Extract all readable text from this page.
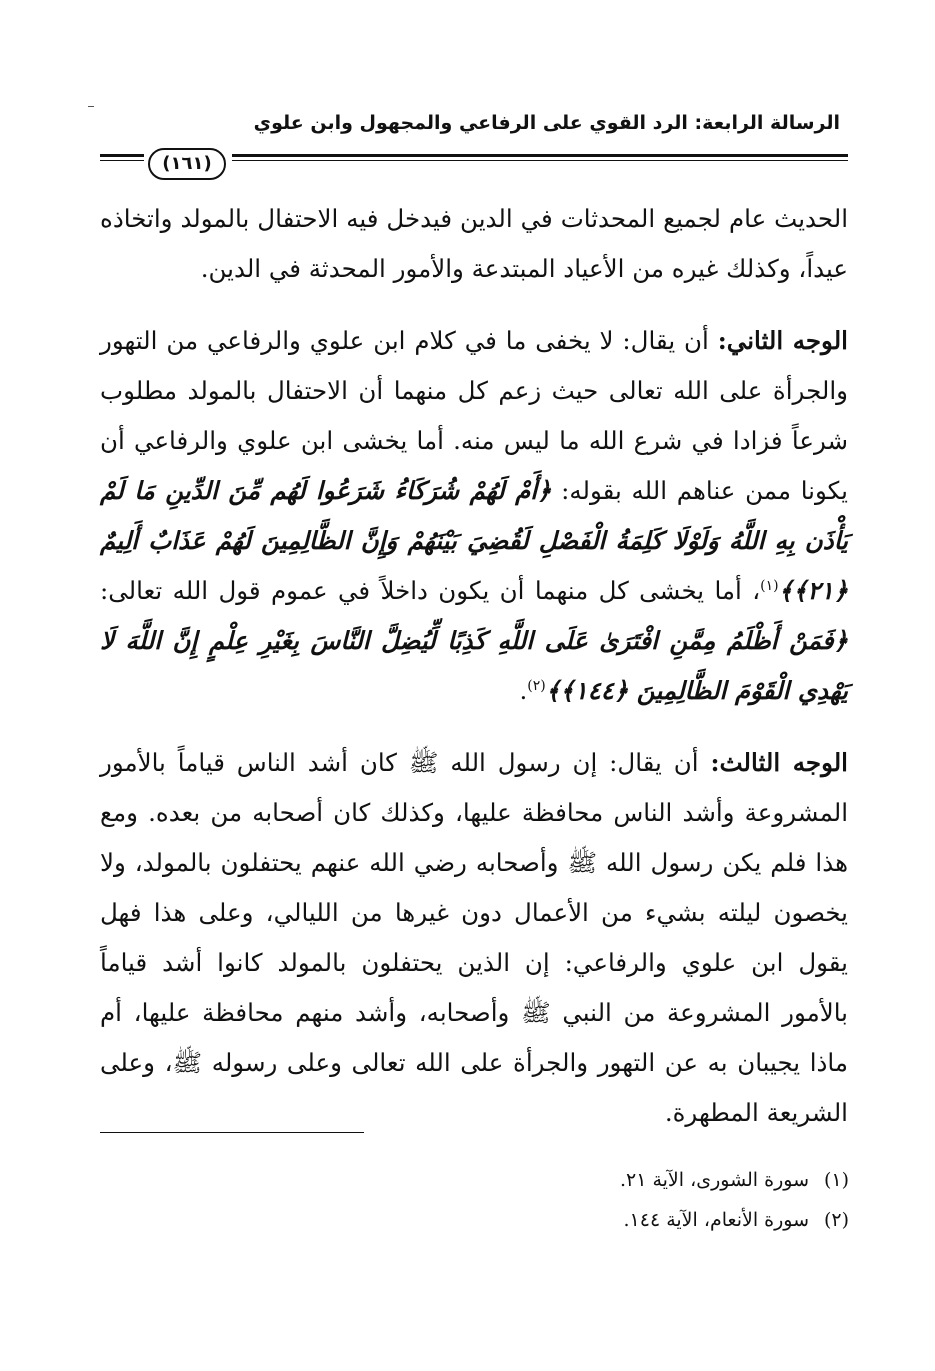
الرسالة الرابعة: الرد القوي على الرفاعي والمجهول وابن علوي
(١٦١)

الحديث عام لجميع المحدثات في الدين فيدخل فيه الاحتفال بالمولد واتخاذه عيداً، وكذلك غيره من الأعياد المبتدعة والأمور المحدثة في الدين.

الوجه الثاني: أن يقال: لا يخفى ما في كلام ابن علوي والرفاعي من التهور والجرأة على الله تعالى حيث زعم كل منهما أن الاحتفال بالمولد مطلوب شرعاً فزادا في شرع الله ما ليس منه. أما يخشى ابن علوي والرفاعي أن يكونا ممن عناهم الله بقوله: ﴿أَمْ لَهُمْ شُرَكَاءُ شَرَعُوا لَهُم مِّنَ الدِّينِ مَا لَمْ يَأْذَن بِهِ اللَّهُ وَلَوْلَا كَلِمَةُ الْفَصْلِ لَقُضِيَ بَيْنَهُمْ وَإِنَّ الظَّالِمِينَ لَهُمْ عَذَابٌ أَلِيمٌ ﴿٢١﴾﴾$^{(١)}$، أما يخشى كل منهما أن يكون داخلاً في عموم قول الله تعالى: ﴿فَمَنْ أَظْلَمُ مِمَّنِ افْتَرَىٰ عَلَى اللَّهِ كَذِبًا لِّيُضِلَّ النَّاسَ بِغَيْرِ عِلْمٍ إِنَّ اللَّهَ لَا يَهْدِي الْقَوْمَ الظَّالِمِينَ ﴿١٤٤﴾﴾$^{(٢)}$.

الوجه الثالث: أن يقال: إن رسول الله ﷺ كان أشد الناس قياماً بالأمور المشروعة وأشد الناس محافظة عليها، وكذلك كان أصحابه من بعده. ومع هذا فلم يكن رسول الله ﷺ وأصحابه رضي الله عنهم يحتفلون بالمولد، ولا يخصون ليلته بشيء من الأعمال دون غيرها من الليالي، وعلى هذا فهل يقول ابن علوي والرفاعي: إن الذين يحتفلون بالمولد كانوا أشد قياماً بالأمور المشروعة من النبي ﷺ وأصحابه، وأشد منهم محافظة عليها، أم ماذا يجيبان به عن التهور والجرأة على الله تعالى وعلى رسوله ﷺ، وعلى الشريعة المطهرة.

(١)سورة الشورى، الآية ٢١.
(٢)سورة الأنعام، الآية ١٤٤.
